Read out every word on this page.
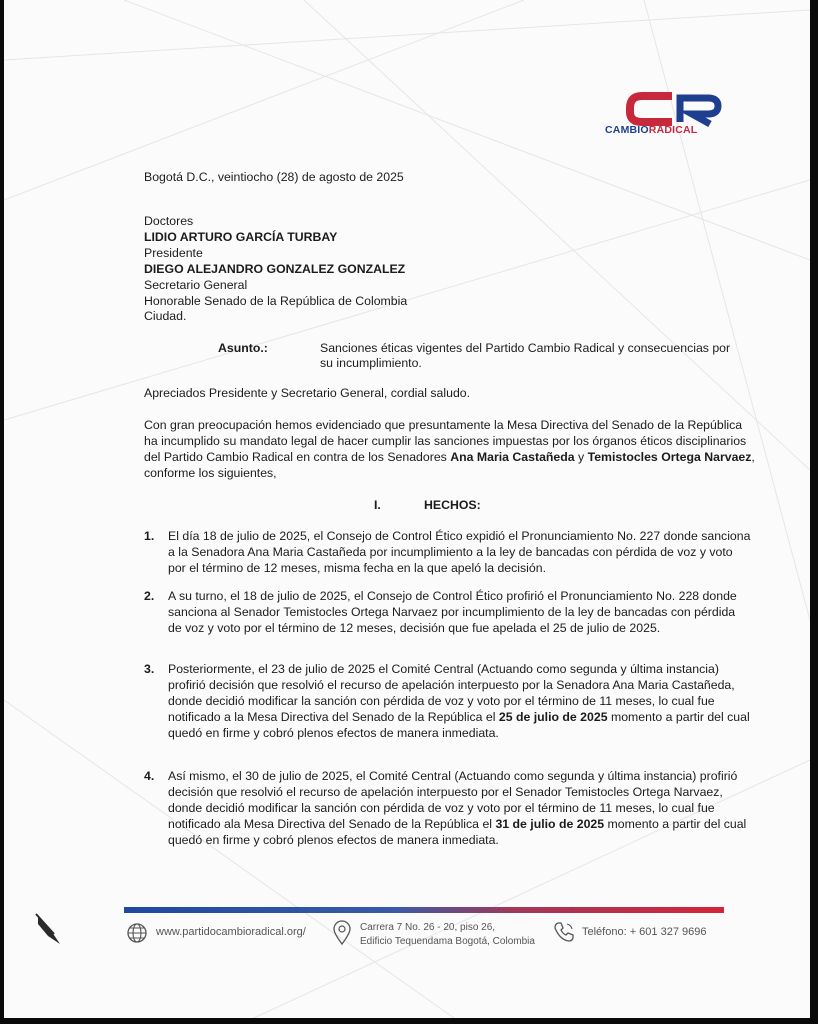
CAMBIORADICAL
Bogotá D.C., veintiocho (28) de agosto de 2025
Doctores
LIDIO ARTURO GARCÍA TURBAY
Presidente
DIEGO ALEJANDRO GONZALEZ GONZALEZ
Secretario General
Honorable Senado de la República de Colombia
Ciudad.
Asunto.:	Sanciones éticas vigentes del Partido Cambio Radical y consecuencias por
su incumplimiento.
Apreciados Presidente y Secretario General, cordial saludo.
Con gran preocupación hemos evidenciado que presuntamente la Mesa Directiva del Senado de la República
ha incumplido su mandato legal de hacer cumplir las sanciones impuestas por los órganos éticos disciplinarios
del Partido Cambio Radical en contra de los Senadores Ana Maria Castañeda y Temistocles Ortega Narvaez,
conforme los siguientes,
I.	HECHOS:
1. El día 18 de julio de 2025, el Consejo de Control Ético expidió el Pronunciamiento No. 227 donde sanciona
a la Senadora Ana Maria Castañeda por incumplimiento a la ley de bancadas con pérdida de voz y voto
por el término de 12 meses, misma fecha en la que apeló la decisión.
2. A su turno, el 18 de julio de 2025, el Consejo de Control Ético profirió el Pronunciamiento No. 228 donde
sanciona al Senador Temistocles Ortega Narvaez por incumplimiento de la ley de bancadas con pérdida
de voz y voto por el término de 12 meses, decisión que fue apelada el 25 de julio de 2025.
3. Posteriormente, el 23 de julio de 2025 el Comité Central (Actuando como segunda y última instancia)
profirió decisión que resolvió el recurso de apelación interpuesto por la Senadora Ana Maria Castañeda,
donde decidió modificar la sanción con pérdida de voz y voto por el término de 11 meses, lo cual fue
notificado a la Mesa Directiva del Senado de la República el 25 de julio de 2025 momento a partir del cual
quedó en firme y cobró plenos efectos de manera inmediata.
4. Así mismo, el 30 de julio de 2025, el Comité Central (Actuando como segunda y última instancia) profirió
decisión que resolvió el recurso de apelación interpuesto por el Senador Temistocles Ortega Narvaez,
donde decidió modificar la sanción con pérdida de voz y voto por el término de 11 meses, lo cual fue
notificado ala Mesa Directiva del Senado de la República el 31 de julio de 2025 momento a partir del cual
quedó en firme y cobró plenos efectos de manera inmediata.
www.partidocambioradical.org/	Carrera 7 No. 26 - 20, piso 26,
Edificio Tequendama Bogotá, Colombia
Teléfono: + 601 327 9696
